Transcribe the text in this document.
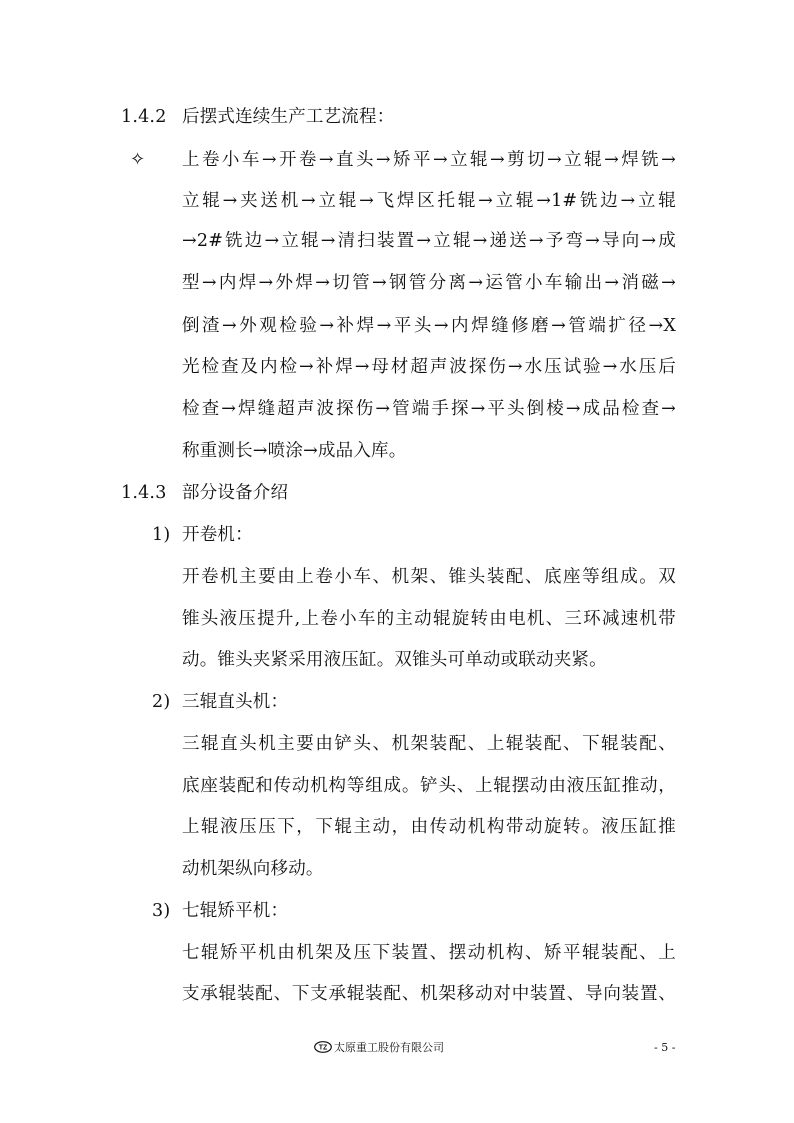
1.4.2 后摆式连续生产工艺流程：
✧ 上卷小车→开卷→直头→矫平→立辊→剪切→立辊→焊铣→
立辊→夹送机→立辊→飞焊区托辊→立辊→1#铣边→立辊
→2#铣边→立辊→清扫装置→立辊→递送→予弯→导向→成
型→内焊→外焊→切管→钢管分离→运管小车输出→消磁→
倒渣→外观检验→补焊→平头→内焊缝修磨→管端扩径→X
光检查及内检→补焊→母材超声波探伤→水压试验→水压后
检查→焊缝超声波探伤→管端手探→平头倒棱→成品检查→
称重测长→喷涂→成品入库。
1.4.3 部分设备介绍
1) 开卷机：
开卷机主要由上卷小车、机架、锥头装配、底座等组成。双
锥头液压提升,上卷小车的主动辊旋转由电机、三环减速机带
动。锥头夹紧采用液压缸。双锥头可单动或联动夹紧。
2) 三辊直头机：
三辊直头机主要由铲头、机架装配、上辊装配、下辊装配、
底座装配和传动机构等组成。铲头、上辊摆动由液压缸推动，
上辊液压压下，下辊主动，由传动机构带动旋转。液压缸推
动机架纵向移动。
3) 七辊矫平机：
七辊矫平机由机架及压下装置、摆动机构、矫平辊装配、上
支承辊装配、下支承辊装配、机架移动对中装置、导向装置、
TZ 太原重工股份有限公司	- 5 -
